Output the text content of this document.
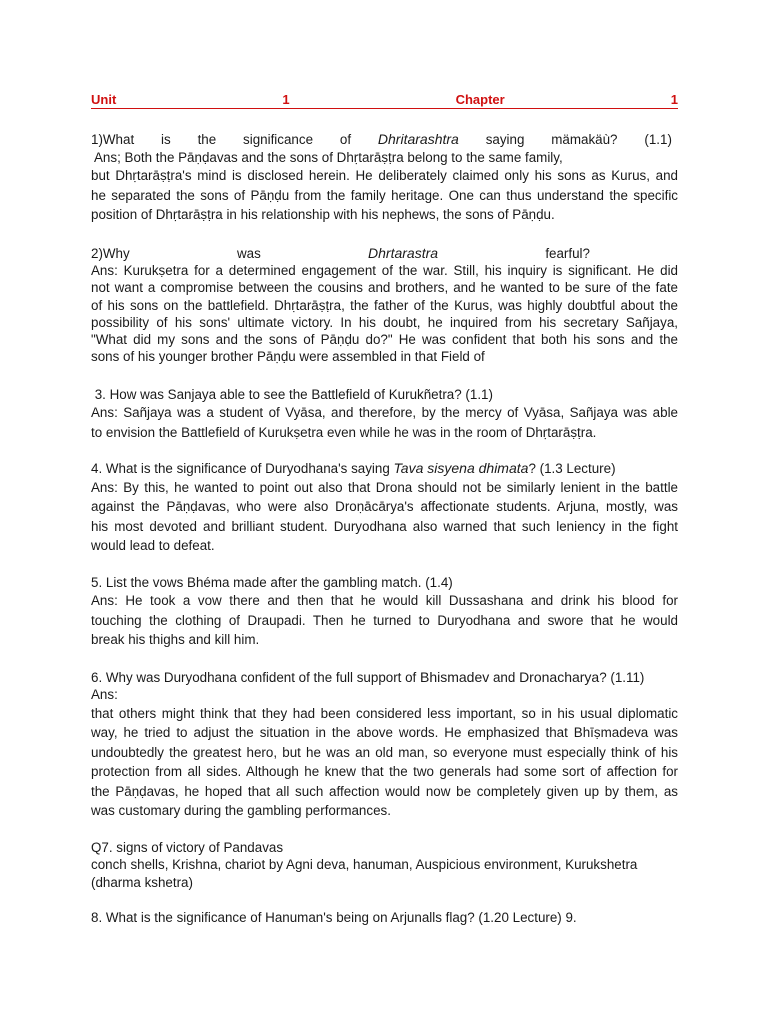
Unit	1	Chapter	1
1)What is the significance of Dhritarashtra saying mämakäù? (1.1)
Ans; Both the Pāṇḍavas and the sons of Dhṛtarāṣṭra belong to the same family,
but Dhṛtarāṣṭra's mind is disclosed herein. He deliberately claimed only his sons as Kurus, and
he separated the sons of Pāṇḍu from the family heritage. One can thus understand the specific
position of Dhṛtarāṣṭra in his relationship with his nephews, the sons of Pāṇḍu.
2)Why	was	Dhrtarastra	fearful?
Ans: Kurukṣetra for a determined engagement of the war. Still, his inquiry is significant. He did
not want a compromise between the cousins and brothers, and he wanted to be sure of the fate
of his sons on the battlefield. Dhṛtarāṣṭra, the father of the Kurus, was highly doubtful about the
possibility of his sons' ultimate victory. In his doubt, he inquired from his secretary Sañjaya,
"What did my sons and the sons of Pāṇḍu do?" He was confident that both his sons and the
sons of his younger brother Pāṇḍu were assembled in that Field of
3. How was Sanjaya able to see the Battlefield of Kurukñetra? (1.1)
Ans: Sañjaya was a student of Vyāsa, and therefore, by the mercy of Vyāsa, Sañjaya was able
to envision the Battlefield of Kurukṣetra even while he was in the room of Dhṛtarāṣṭra.
4. What is the significance of Duryodhana's saying Tava sisyena dhimata? (1.3 Lecture)
Ans: By this, he wanted to point out also that Drona should not be similarly lenient in the battle
against the Pāṇḍavas, who were also Droṇācārya's affectionate students. Arjuna, mostly, was
his most devoted and brilliant student. Duryodhana also warned that such leniency in the fight
would lead to defeat.
5. List the vows Bhéma made after the gambling match. (1.4)
Ans: He took a vow there and then that he would kill Dussashana and drink his blood for
touching the clothing of Draupadi. Then he turned to Duryodhana and swore that he would
break his thighs and kill him.
6. Why was Duryodhana confident of the full support of Bhismadev and Dronacharya? (1.11)
Ans:
that others might think that they had been considered less important, so in his usual diplomatic
way, he tried to adjust the situation in the above words. He emphasized that Bhīṣmadeva was
undoubtedly the greatest hero, but he was an old man, so everyone must especially think of his
protection from all sides. Although he knew that the two generals had some sort of affection for
the Pāṇḍavas, he hoped that all such affection would now be completely given up by them, as
was customary during the gambling performances.
Q7. signs of victory of Pandavas
conch shells, Krishna, chariot by Agni deva, hanuman, Auspicious environment, Kurukshetra
(dharma kshetra)
8. What is the significance of Hanuman's being on Arjunalls flag? (1.20 Lecture) 9.
